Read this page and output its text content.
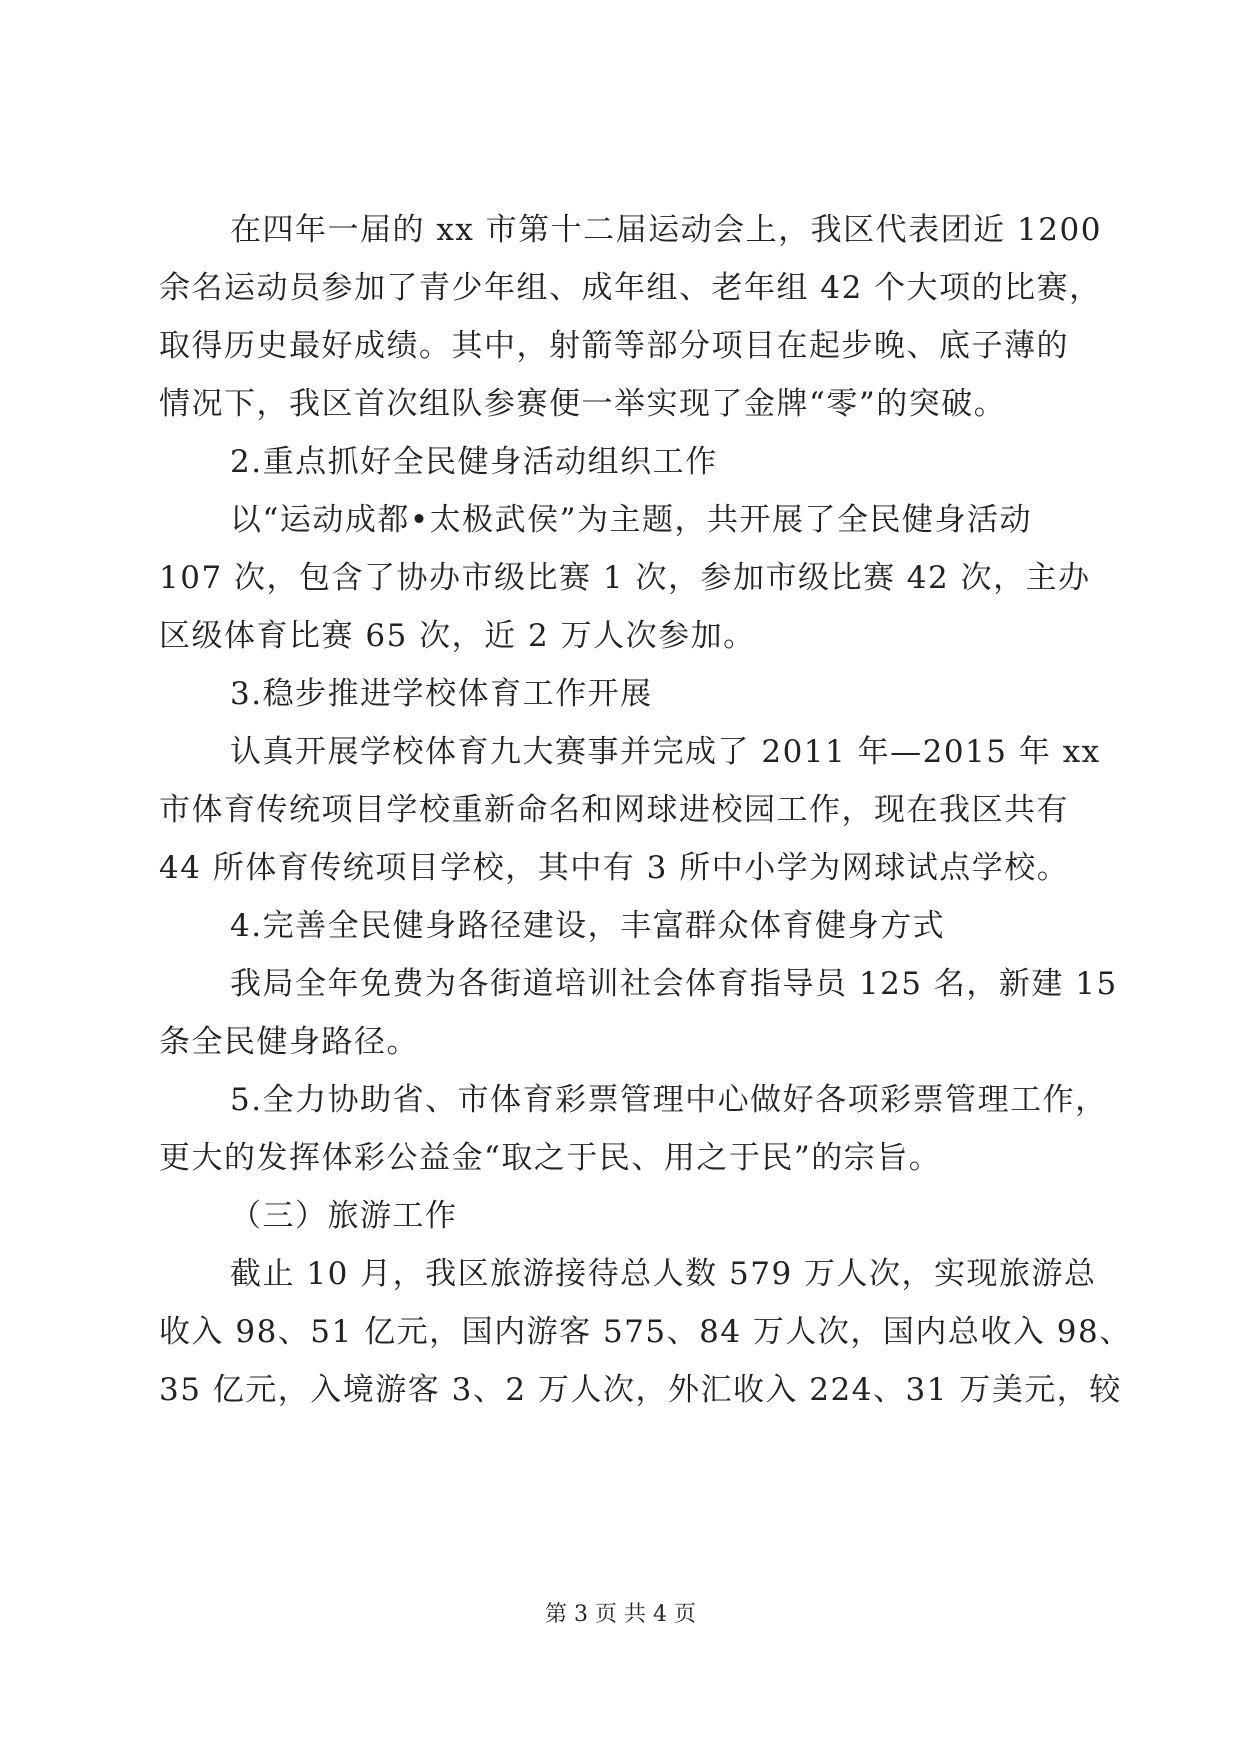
在四年一届的 xx 市第十二届运动会上，我区代表团近 1200
余名运动员参加了青少年组、成年组、老年组 42 个大项的比赛，
取得历史最好成绩。其中，射箭等部分项目在起步晚、底子薄的
情况下，我区首次组队参赛便一举实现了金牌“零”的突破。
2.重点抓好全民健身活动组织工作
以“运动成都•太极武侯”为主题，共开展了全民健身活动
107 次，包含了协办市级比赛 1 次，参加市级比赛 42 次，主办
区级体育比赛 65 次，近 2 万人次参加。
3.稳步推进学校体育工作开展
认真开展学校体育九大赛事并完成了 2011 年—2015 年 xx
市体育传统项目学校重新命名和网球进校园工作，现在我区共有
44 所体育传统项目学校，其中有 3 所中小学为网球试点学校。
4.完善全民健身路径建设，丰富群众体育健身方式
我局全年免费为各街道培训社会体育指导员 125 名，新建 15
条全民健身路径。
5.全力协助省、市体育彩票管理中心做好各项彩票管理工作，
更大的发挥体彩公益金“取之于民、用之于民”的宗旨。
（三）旅游工作
截止 10 月，我区旅游接待总人数 579 万人次，实现旅游总
收入 98、51 亿元，国内游客 575、84 万人次，国内总收入 98、
35 亿元，入境游客 3、2 万人次，外汇收入 224、31 万美元，较
第 3 页 共 4 页
